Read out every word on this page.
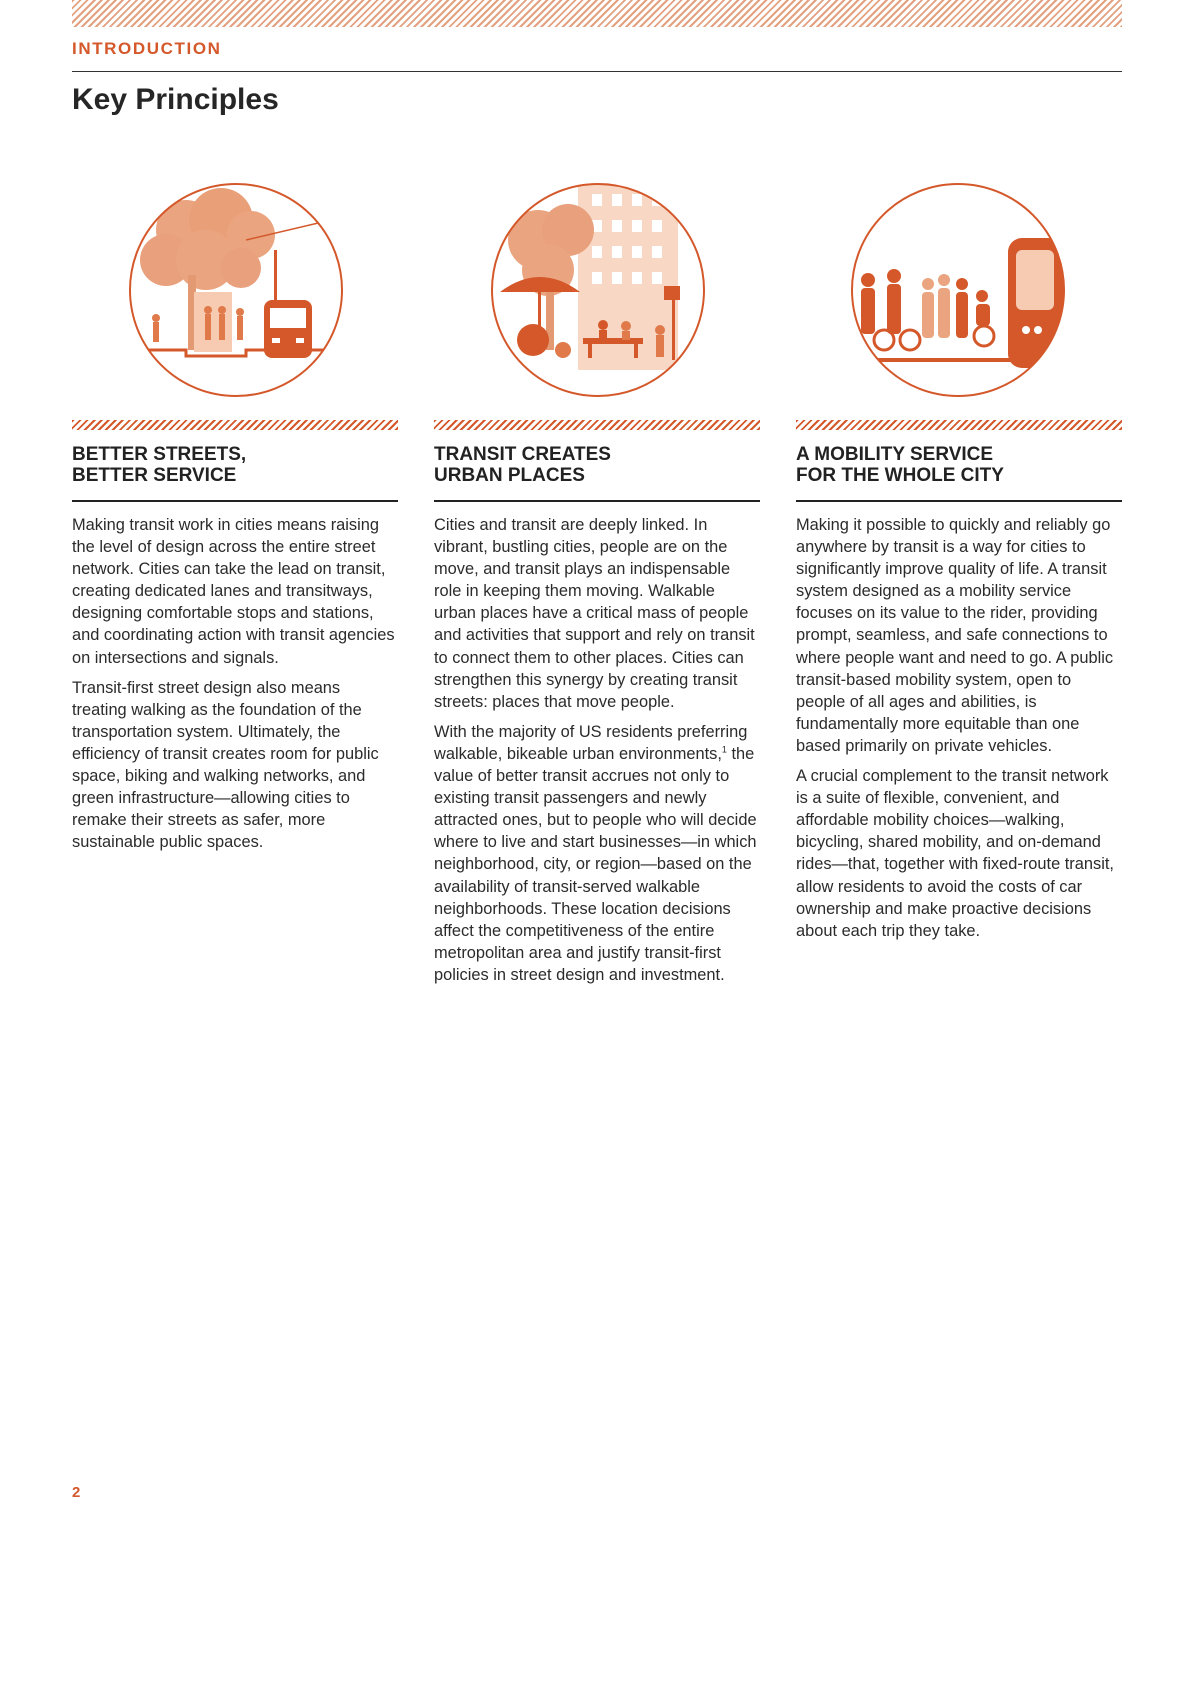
INTRODUCTION
Key Principles
BETTER STREETS,
BETTER SERVICE

Making transit work in cities means raising the level of design across the entire street network. Cities can take the lead on transit, creating dedicated lanes and transitways, designing comfortable stops and stations, and coordinating action with transit agencies on intersections and signals.

Transit-first street design also means treating walking as the foundation of the transportation system. Ultimately, the efficiency of transit creates room for public space, biking and walking networks, and green infrastructure—allowing cities to remake their streets as safer, more sustainable public spaces.

TRANSIT CREATES
URBAN PLACES

Cities and transit are deeply linked. In vibrant, bustling cities, people are on the move, and transit plays an indispensable role in keeping them moving. Walkable urban places have a critical mass of people and activities that support and rely on transit to connect them to other places. Cities can strengthen this synergy by creating transit streets: places that move people.

With the majority of US residents preferring walkable, bikeable urban environments,$^1$ the value of better transit accrues not only to existing transit passengers and newly attracted ones, but to people who will decide where to live and start businesses—in which neighborhood, city, or region—based on the availability of transit-served walkable neighborhoods. These location decisions affect the competitiveness of the entire metropolitan area and justify transit-first policies in street design and investment.

A MOBILITY SERVICE
FOR THE WHOLE CITY

Making it possible to quickly and reliably go anywhere by transit is a way for cities to significantly improve quality of life. A transit system designed as a mobility service focuses on its value to the rider, providing prompt, seamless, and safe connections to where people want and need to go. A public transit-based mobility system, open to people of all ages and abilities, is fundamentally more equitable than one based primarily on private vehicles.

A crucial complement to the transit network is a suite of flexible, convenient, and affordable mobility choices—walking, bicycling, shared mobility, and on-demand rides—that, together with fixed-route transit, allow residents to avoid the costs of car ownership and make proactive decisions about each trip they take.

2
